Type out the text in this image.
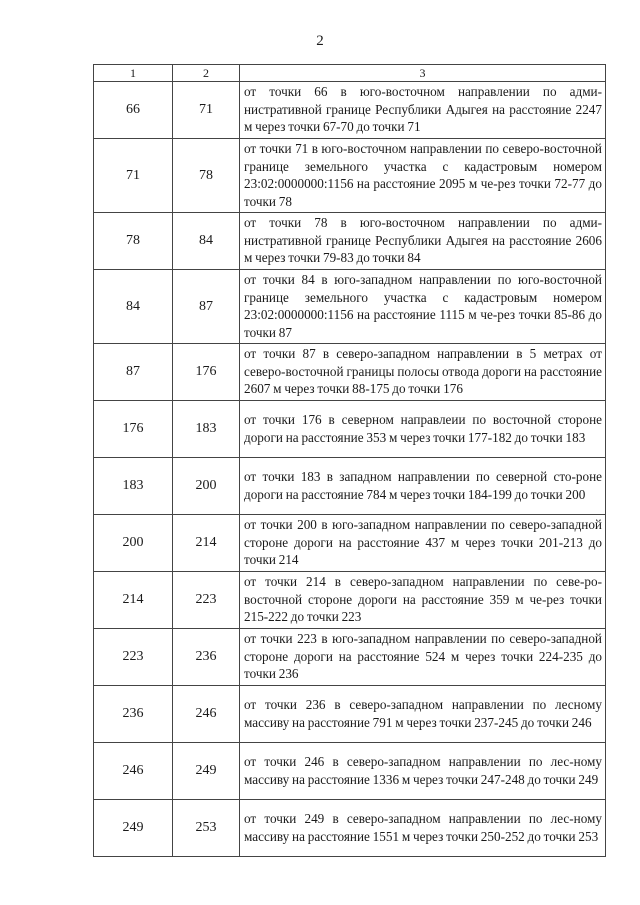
2
1	2	3
66	71	от точки 66 в юго-восточном направлении по адми-нистративной границе Республики Адыгея на расстояние 2247 м через точки 67-70 до точки 71
71	78	от точки 71 в юго-восточном направлении по северо-восточной границе земельного участка с кадастровым номером 23:02:0000000:1156 на расстояние 2095 м че-рез точки 72-77 до точки 78
78	84	от точки 78 в юго-восточном направлении по адми-нистративной границе Республики Адыгея на расстояние 2606 м через точки 79-83 до точки 84
84	87	от точки 84 в юго-западном направлении по юго-восточной границе земельного участка с кадастровым номером 23:02:0000000:1156 на расстояние 1115 м че-рез точки 85-86 до точки 87
87	176	от точки 87 в северо-западном направлении в 5 метрах от северо-восточной границы полосы отвода дороги на расстояние 2607 м через точки 88-175 до точки 176
176	183	от точки 176 в северном направлеии по восточной стороне дороги на расстояние 353 м через точки 177-182 до точки 183
183	200	от точки 183 в западном направлении по северной сто-роне дороги на расстояние 784 м через точки 184-199 до точки 200
200	214	от точки 200 в юго-западном направлении по северо-западной стороне дороги на расстояние 437 м через точки 201-213 до точки 214
214	223	от точки 214 в северо-западном направлении по севе-ро-восточной стороне дороги на расстояние 359 м че-рез точки 215-222 до точки 223
223	236	от точки 223 в юго-западном направлении по северо-западной стороне дороги на расстояние 524 м через точки 224-235 до точки 236
236	246	от точки 236 в северо-западном направлении по лесному массиву на расстояние 791 м через точки 237-245 до точки 246
246	249	от точки 246 в северо-западном направлении по лес-ному массиву на расстояние 1336 м через точки 247-248 до точки 249
249	253	от точки 249 в северо-западном направлении по лес-ному массиву на расстояние 1551 м через точки 250-252 до точки 253
